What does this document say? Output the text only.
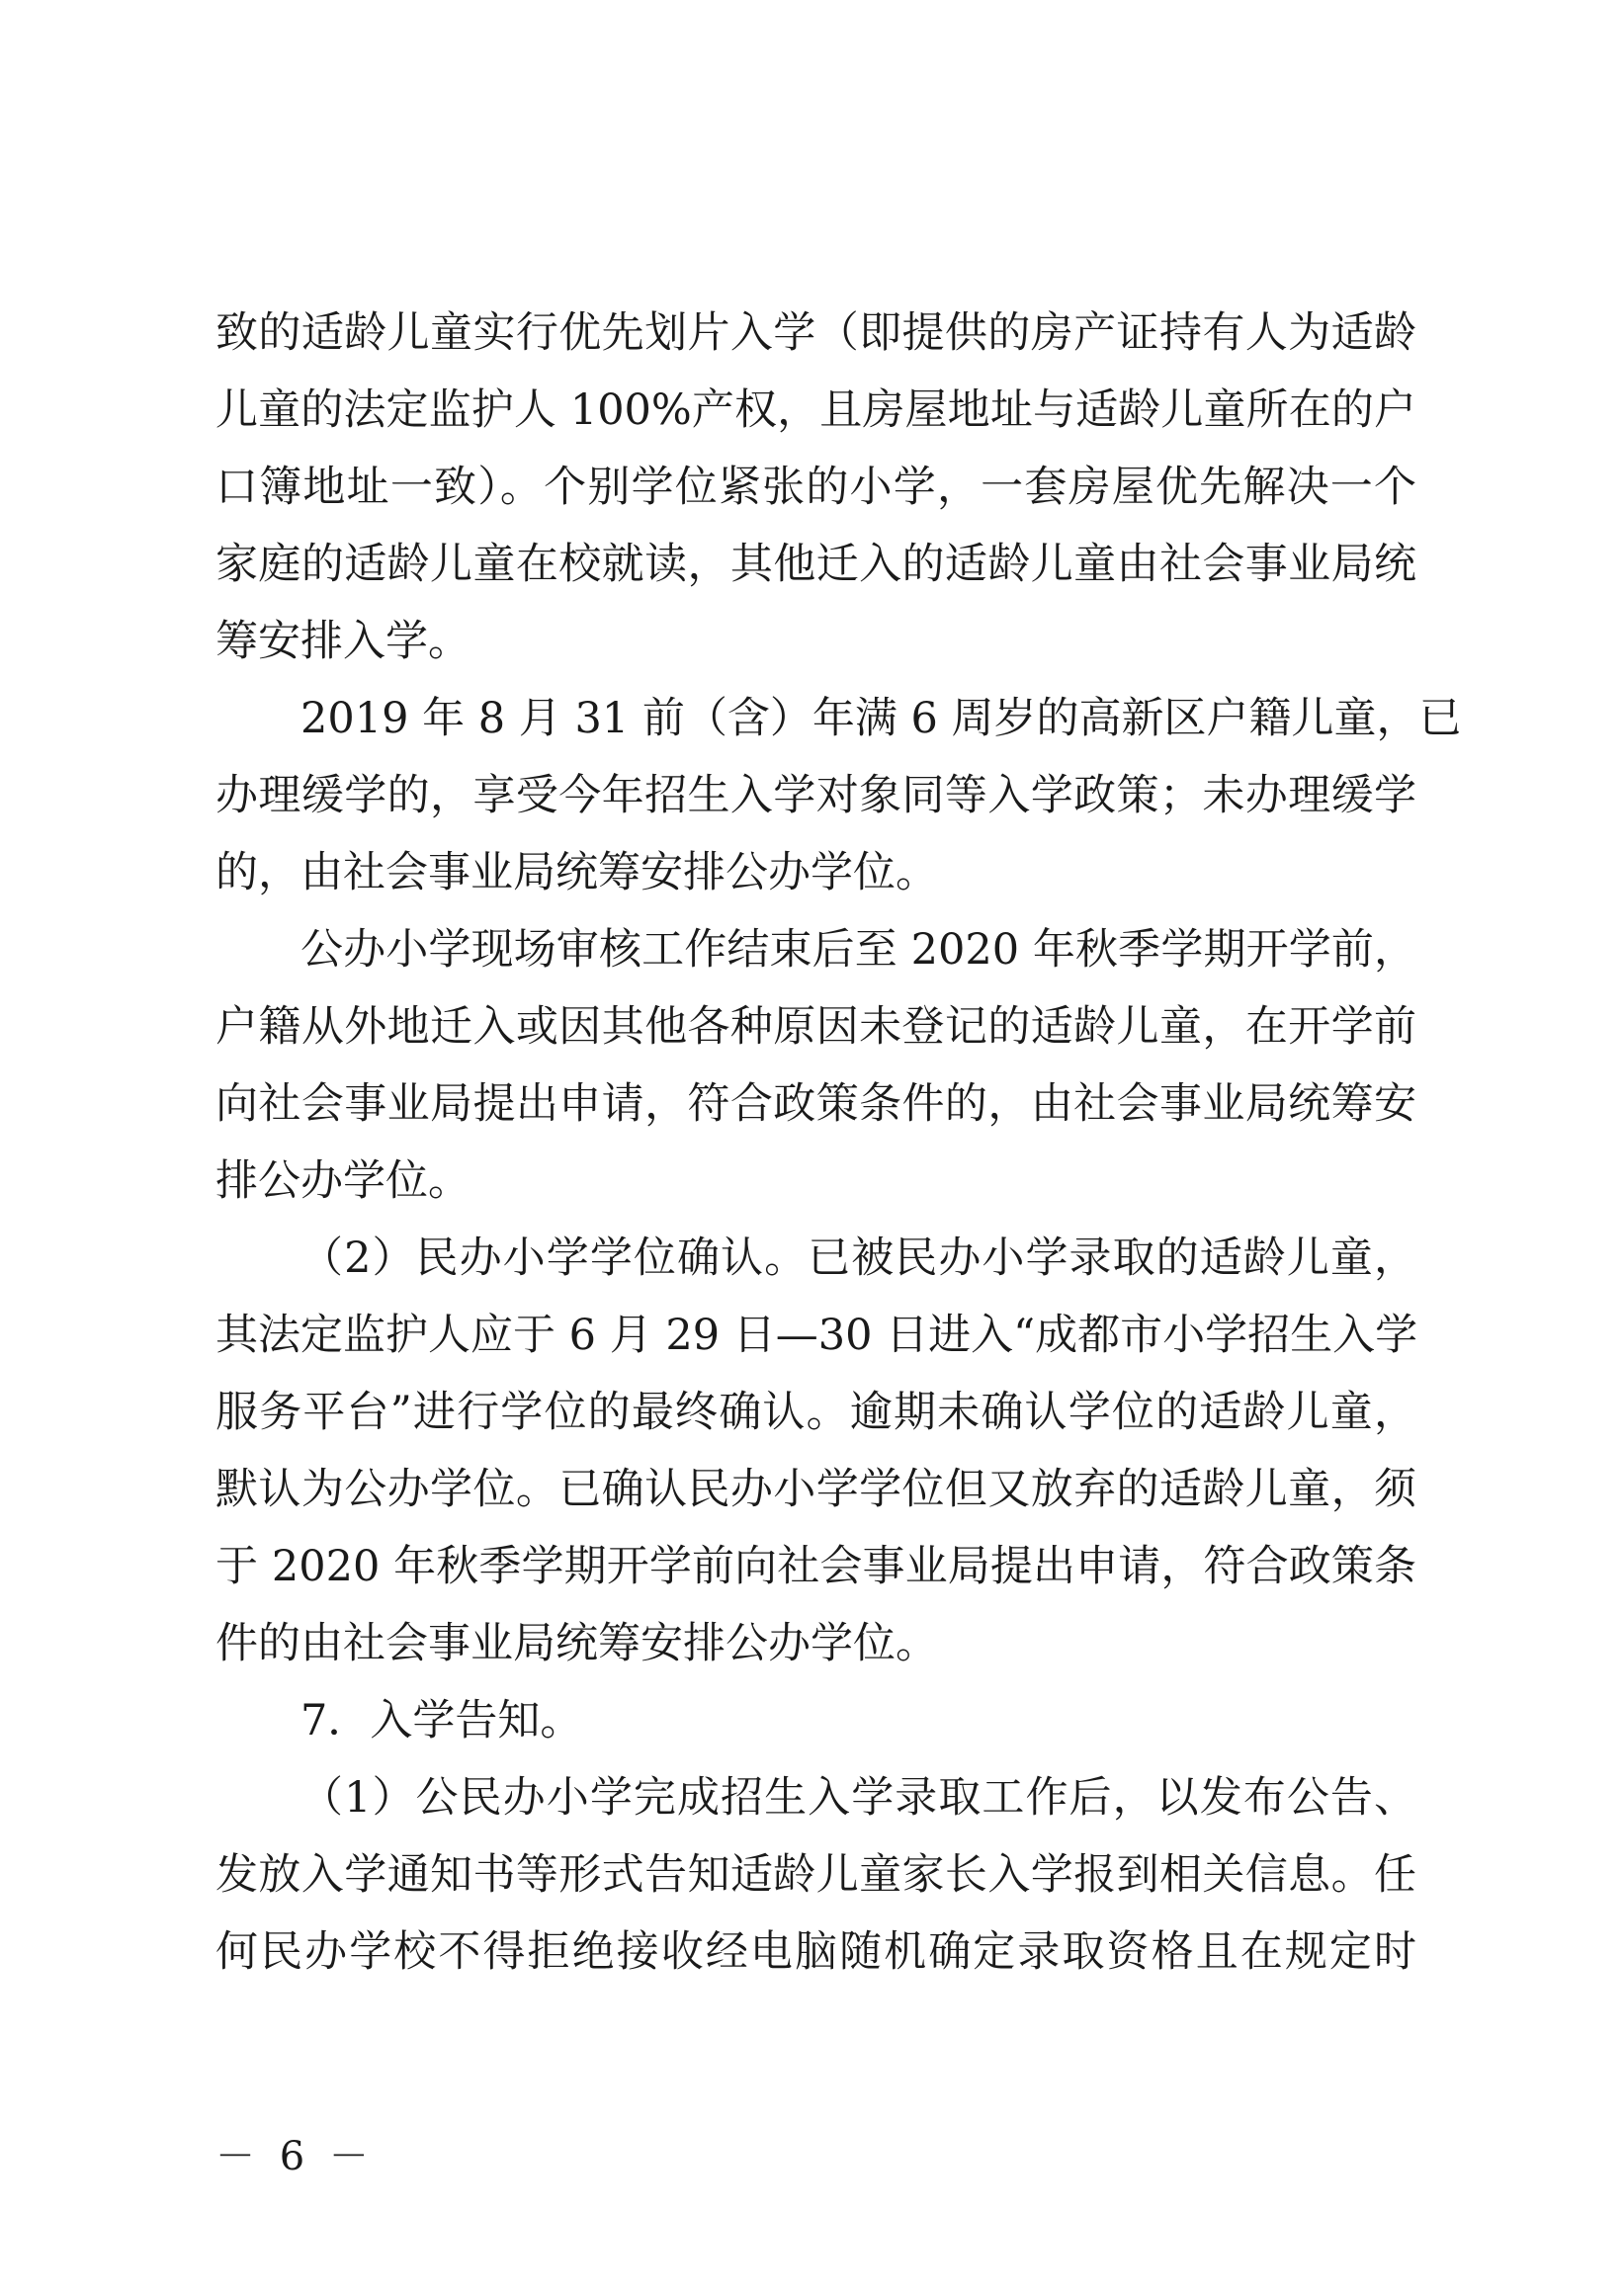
致的适龄儿童实行优先划片入学（即提供的房产证持有人为适龄
儿童的法定监护人 100%产权，且房屋地址与适龄儿童所在的户
口簿地址一致）。个别学位紧张的小学，一套房屋优先解决一个
家庭的适龄儿童在校就读，其他迁入的适龄儿童由社会事业局统
筹安排入学。
2019 年 8 月 31 前（含）年满 6 周岁的高新区户籍儿童，已
办理缓学的，享受今年招生入学对象同等入学政策；未办理缓学
的，由社会事业局统筹安排公办学位。
公办小学现场审核工作结束后至 2020 年秋季学期开学前，
户籍从外地迁入或因其他各种原因未登记的适龄儿童，在开学前
向社会事业局提出申请，符合政策条件的，由社会事业局统筹安
排公办学位。
（2）民办小学学位确认。已被民办小学录取的适龄儿童，
其法定监护人应于 6 月 29 日—30 日进入“成都市小学招生入学
服务平台”进行学位的最终确认。逾期未确认学位的适龄儿童，
默认为公办学位。已确认民办小学学位但又放弃的适龄儿童，须
于 2020 年秋季学期开学前向社会事业局提出申请，符合政策条
件的由社会事业局统筹安排公办学位。
7．入学告知。
（1）公民办小学完成招生入学录取工作后，以发布公告、
发放入学通知书等形式告知适龄儿童家长入学报到相关信息。任
何民办学校不得拒绝接收经电脑随机确定录取资格且在规定时
－ 6 －
